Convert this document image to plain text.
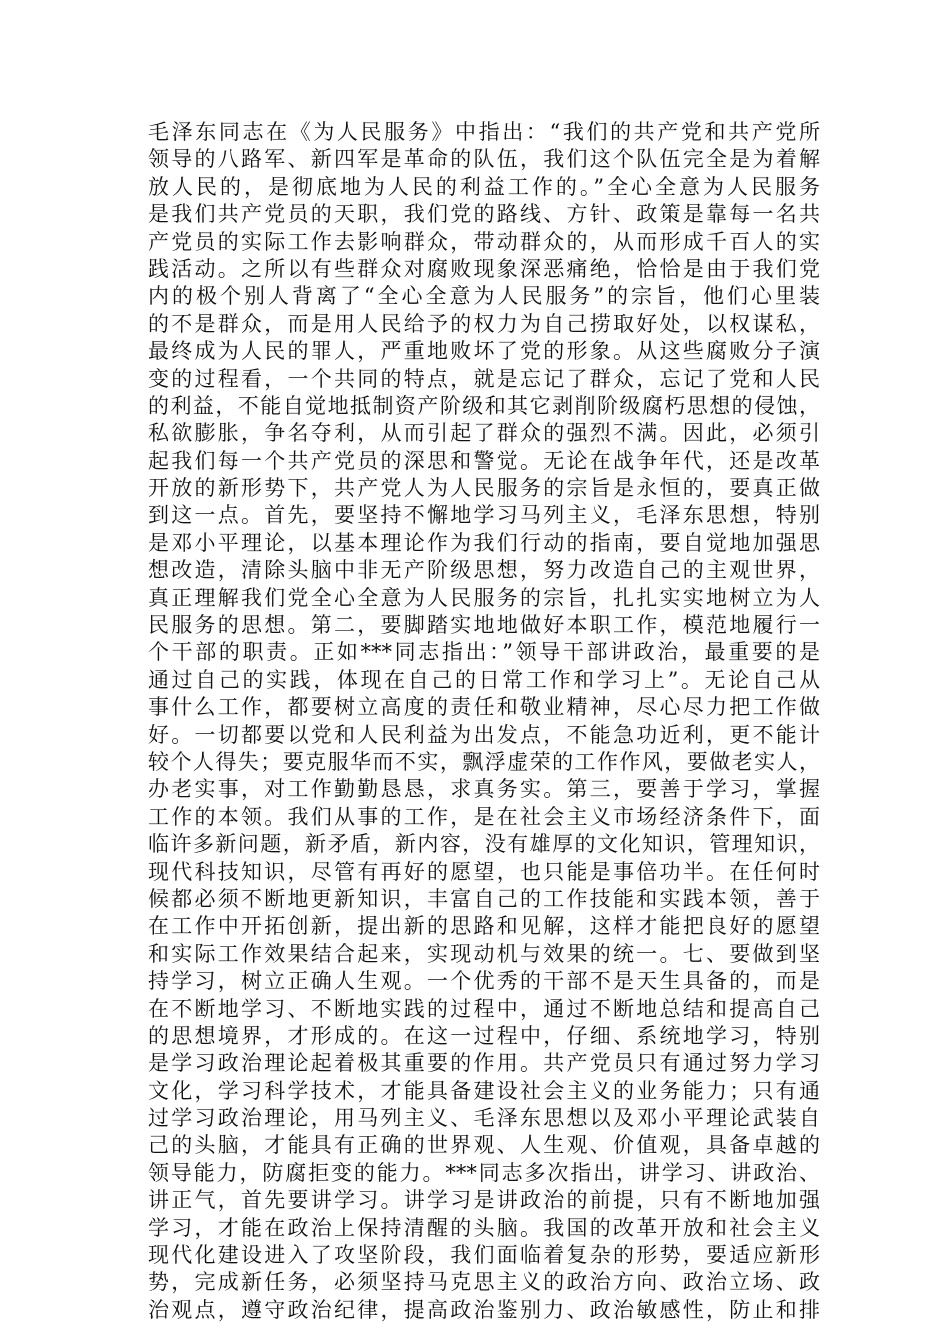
毛泽东同志在《为人民服务》中指出：“我们的共产党和共产党所
领导的八路军、新四军是革命的队伍，我们这个队伍完全是为着解
放人民的，是彻底地为人民的利益工作的。”全心全意为人民服务
是我们共产党员的天职，我们党的路线、方针、政策是靠每一名共
产党员的实际工作去影响群众，带动群众的，从而形成千百人的实
践活动。之所以有些群众对腐败现象深恶痛绝，恰恰是由于我们党
内的极个别人背离了“全心全意为人民服务”的宗旨，他们心里装
的不是群众，而是用人民给予的权力为自己捞取好处，以权谋私，
最终成为人民的罪人，严重地败坏了党的形象。从这些腐败分子演
变的过程看，一个共同的特点，就是忘记了群众，忘记了党和人民
的利益，不能自觉地抵制资产阶级和其它剥削阶级腐朽思想的侵蚀，
私欲膨胀，争名夺利，从而引起了群众的强烈不满。因此，必须引
起我们每一个共产党员的深思和警觉。无论在战争年代，还是改革
开放的新形势下，共产党人为人民服务的宗旨是永恒的，要真正做
到这一点。首先，要坚持不懈地学习马列主义，毛泽东思想，特别
是邓小平理论，以基本理论作为我们行动的指南，要自觉地加强思
想改造，清除头脑中非无产阶级思想，努力改造自己的主观世界，
真正理解我们党全心全意为人民服务的宗旨，扎扎实实地树立为人
民服务的思想。第二，要脚踏实地地做好本职工作，模范地履行一
个干部的职责。正如***同志指出：”领导干部讲政治，最重要的是
通过自己的实践，体现在自己的日常工作和学习上”。无论自己从
事什么工作，都要树立高度的责任和敬业精神，尽心尽力把工作做
好。一切都要以党和人民利益为出发点，不能急功近利，更不能计
较个人得失；要克服华而不实，飘浮虚荣的工作作风，要做老实人，
办老实事，对工作勤勤恳恳，求真务实。第三，要善于学习，掌握
工作的本领。我们从事的工作，是在社会主义市场经济条件下，面
临许多新问题，新矛盾，新内容，没有雄厚的文化知识，管理知识，
现代科技知识，尽管有再好的愿望，也只能是事倍功半。在任何时
候都必须不断地更新知识，丰富自己的工作技能和实践本领，善于
在工作中开拓创新，提出新的思路和见解，这样才能把良好的愿望
和实际工作效果结合起来，实现动机与效果的统一。七、要做到坚
持学习，树立正确人生观。一个优秀的干部不是天生具备的，而是
在不断地学习、不断地实践的过程中，通过不断地总结和提高自己
的思想境界，才形成的。在这一过程中，仔细、系统地学习，特别
是学习政治理论起着极其重要的作用。共产党员只有通过努力学习
文化，学习科学技术，才能具备建设社会主义的业务能力；只有通
过学习政治理论，用马列主义、毛泽东思想以及邓小平理论武装自
己的头脑，才能具有正确的世界观、人生观、价值观，具备卓越的
领导能力，防腐拒变的能力。***同志多次指出，讲学习、讲政治、
讲正气，首先要讲学习。讲学习是讲政治的前提，只有不断地加强
学习，才能在政治上保持清醒的头脑。我国的改革开放和社会主义
现代化建设进入了攻坚阶段，我们面临着复杂的形势，要适应新形
势，完成新任务，必须坚持马克思主义的政治方向、政治立场、政
治观点，遵守政治纪律，提高政治鉴别力、政治敏感性，防止和排
